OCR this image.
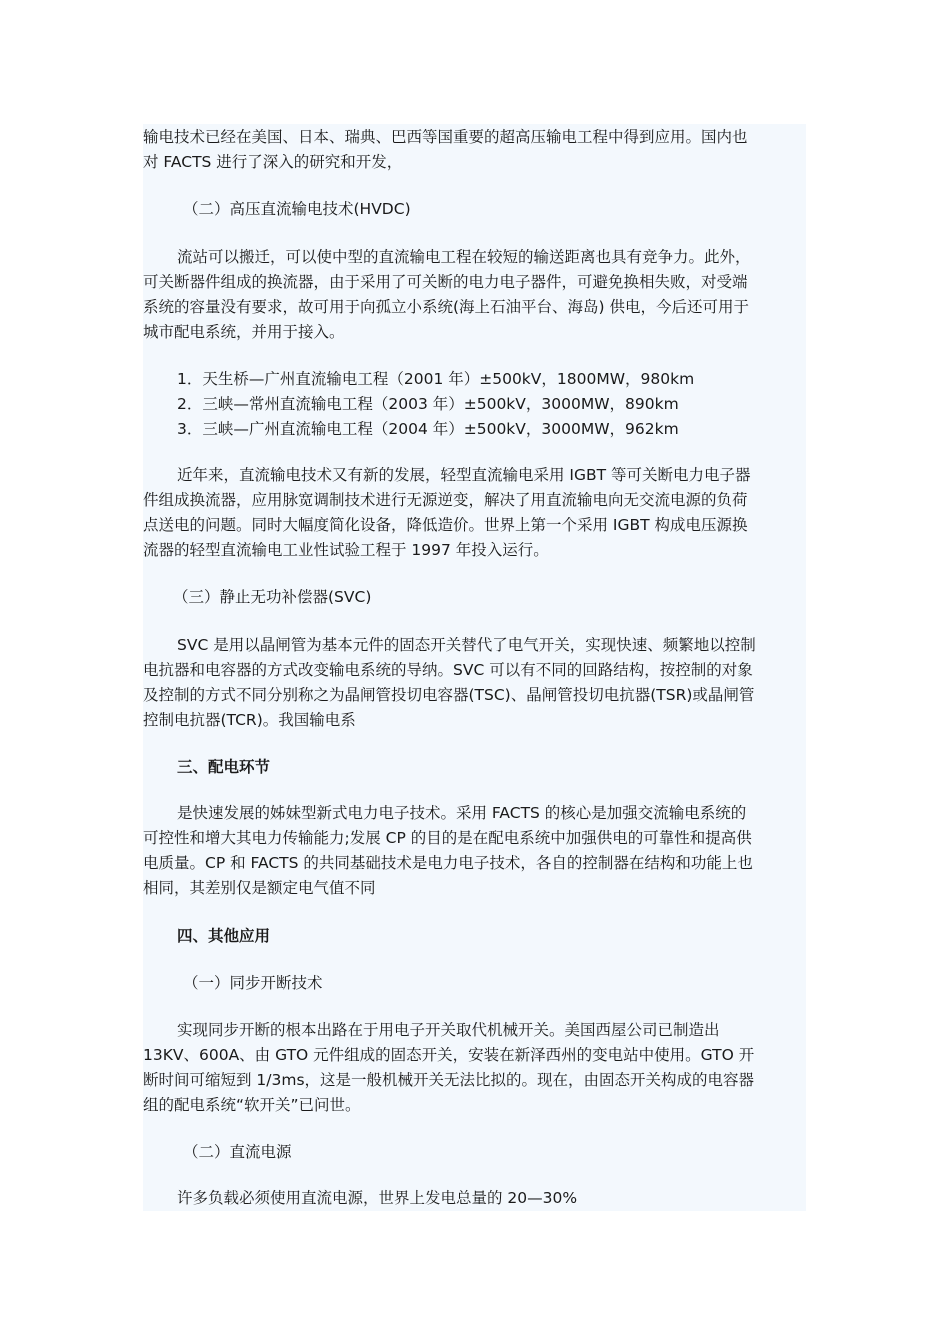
输电技术已经在美国、日本、瑞典、巴西等国重要的超高压输电工程中得到应用。国内也
对 FACTS 进行了深入的研究和开发，
（二）高压直流输电技术(HVDC)
流站可以搬迁，可以使中型的直流输电工程在较短的输送距离也具有竞争力。此外，
可关断器件组成的换流器，由于采用了可关断的电力电子器件，可避免换相失败，对受端
系统的容量没有要求，故可用于向孤立小系统(海上石油平台、海岛) 供电，今后还可用于
城市配电系统，并用于接入。
1．天生桥—广州直流输电工程（2001 年）±500kV，1800MW，980km
2．三峡—常州直流输电工程（2003 年）±500kV，3000MW，890km
3．三峡—广州直流输电工程（2004 年）±500kV，3000MW，962km
近年来，直流输电技术又有新的发展，轻型直流输电采用 IGBT 等可关断电力电子器
件组成换流器，应用脉宽调制技术进行无源逆变，解决了用直流输电向无交流电源的负荷
点送电的问题。同时大幅度简化设备，降低造价。世界上第一个采用 IGBT 构成电压源换
流器的轻型直流输电工业性试验工程于 1997 年投入运行。
（三）静止无功补偿器(SVC)
SVC 是用以晶闸管为基本元件的固态开关替代了电气开关，实现快速、频繁地以控制
电抗器和电容器的方式改变输电系统的导纳。SVC 可以有不同的回路结构，按控制的对象
及控制的方式不同分别称之为晶闸管投切电容器(TSC)、晶闸管投切电抗器(TSR)或晶闸管
控制电抗器(TCR)。我国输电系
三、配电环节
是快速发展的姊妹型新式电力电子技术。采用 FACTS 的核心是加强交流输电系统的
可控性和增大其电力传输能力;发展 CP 的目的是在配电系统中加强供电的可靠性和提高供
电质量。CP 和 FACTS 的共同基础技术是电力电子技术，各自的控制器在结构和功能上也
相同，其差别仅是额定电气值不同
四、其他应用
（一）同步开断技术
实现同步开断的根本出路在于用电子开关取代机械开关。美国西屋公司已制造出
13KV、600A、由 GTO 元件组成的固态开关，安装在新泽西州的变电站中使用。GTO 开
断时间可缩短到 1/3ms，这是一般机械开关无法比拟的。现在，由固态开关构成的电容器
组的配电系统“软开关”已问世。
（二）直流电源
许多负载必须使用直流电源，世界上发电总量的 20—30%
